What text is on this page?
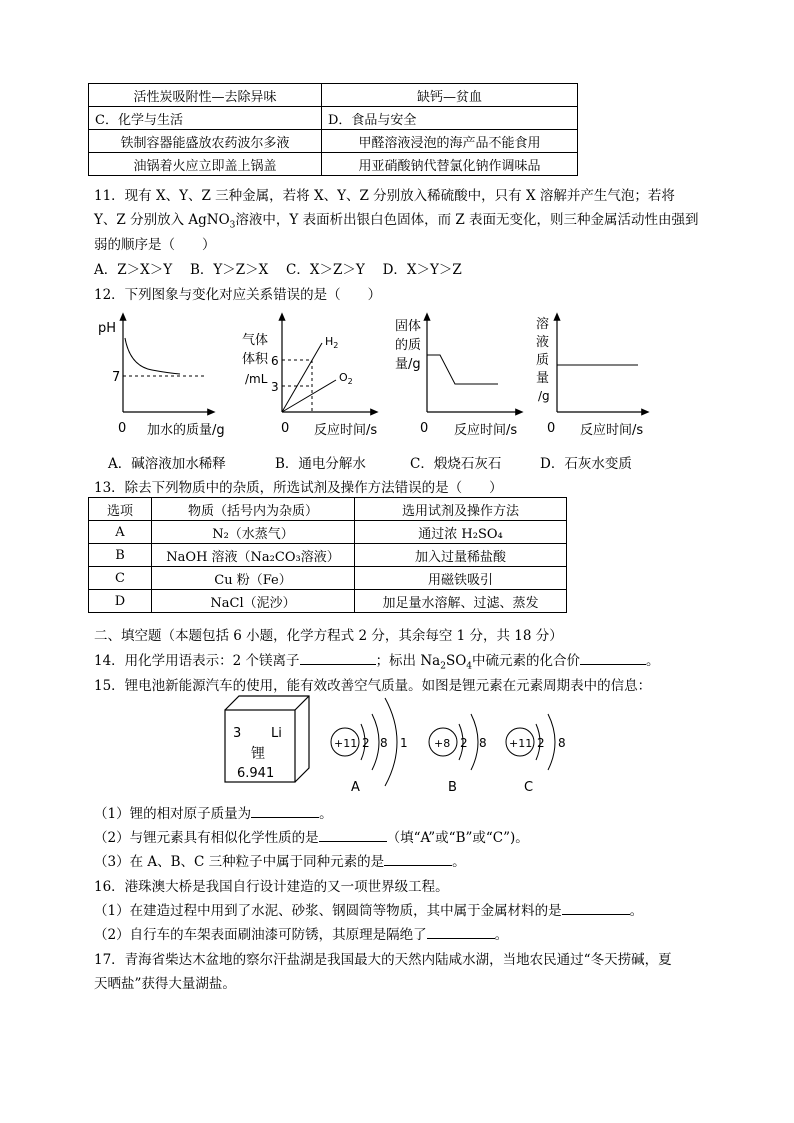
活性炭吸附性—去除异味	缺钙—贫血
C．化学与生活	D．食品与安全
铁制容器能盛放农药波尔多液	甲醛溶液浸泡的海产品不能食用
油锅着火应立即盖上锅盖	用亚硝酸钠代替氯化钠作调味品
11．现有 X、Y、Z 三种金属，若将 X、Y、Z 分别放入稀硫酸中，只有 X 溶解并产生气泡；若将
Y、Z 分别放入 AgNO$_3$溶液中，Y 表面析出银白色固体，而 Z 表面无变化，则三种金属活动性由强到
弱的顺序是（　　）
A．Z＞X＞Y　 B．Y＞Z＞X　 C．X＞Z＞Y　 D．X＞Y＞Z
12．下列图象与变化对应关系错误的是（　　）
pH
7
0 加水的质量/g
气体
体积
/mL
6
3
$H_2$
$O_2$
0 反应时间/s
固体
的质
量/g
0 反应时间/s
溶
液
质
量
/g
0 反应时间/s
A．碱溶液加水稀释	B．通电分解水	C．煅烧石灰石	D．石灰水变质
13．除去下列物质中的杂质，所选试剂及操作方法错误的是（　　）
选项	物质（括号内为杂质）	选用试剂及操作方法
A	N₂（水蒸气）	通过浓 H₂SO₄
B	NaOH 溶液（Na₂CO₃溶液）	加入过量稀盐酸
C	Cu 粉（Fe）	用磁铁吸引
D	NaCl（泥沙）	加足量水溶解、过滤、蒸发
二、填空题（本题包括 6 小题，化学方程式 2 分，其余每空 1 分，共 18 分）
14．用化学用语表示：2 个镁离子	；标出 $Na_2SO_4$中硫元素的化合价	。
15．锂电池新能源汽车的使用，能有效改善空气质量。如图是锂元素在元素周期表中的信息：
3 Li
锂
6.941
+11 2 8 1
A
+8 2 8
B
+11 2 8
C
（1）锂的相对原子质量为	。
（2）与锂元素具有相似化学性质的是	（填“A”或“B”或“C”)。
（3）在 A、B、C 三种粒子中属于同种元素的是	。
16．港珠澳大桥是我国自行设计建造的又一项世界级工程。
（1）在建造过程中用到了水泥、砂浆、钢圆筒等物质，其中属于金属材料的是	。
（2）自行车的车架表面刷油漆可防锈，其原理是隔绝了	。
17．青海省柴达木盆地的察尔汗盐湖是我国最大的天然内陆咸水湖，当地农民通过“冬天捞碱，夏
天晒盐”获得大量湖盐。
